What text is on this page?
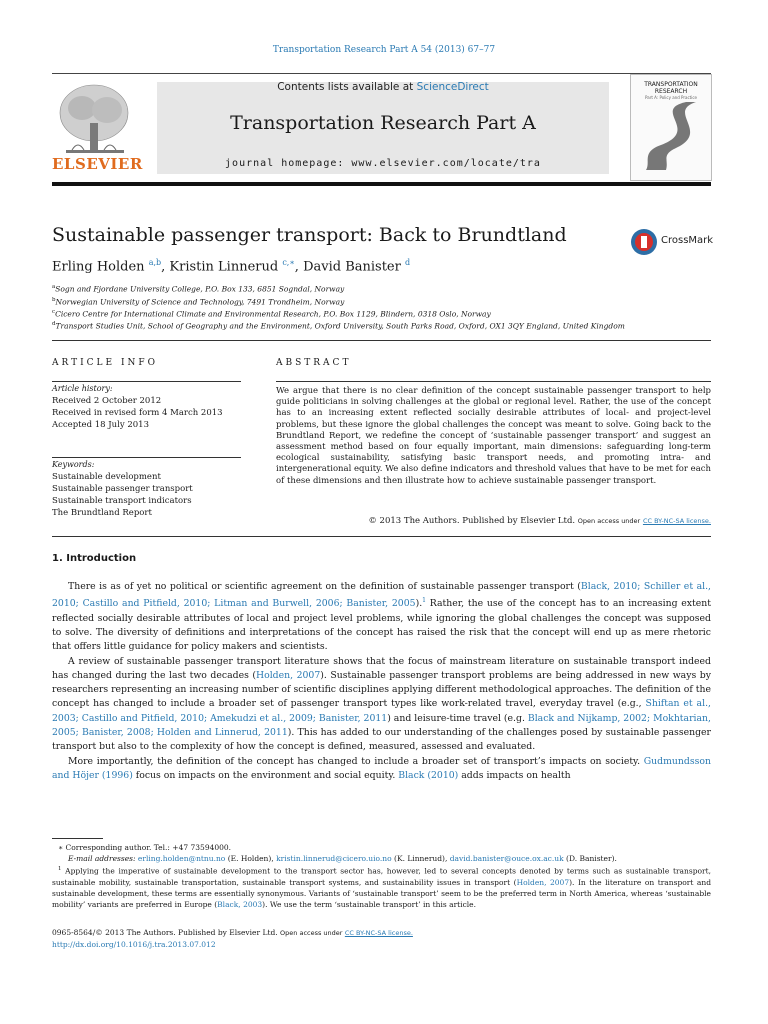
Transportation Research Part A 54 (2013) 67–77
ELSEVIER
Contents lists available at ScienceDirect
Transportation Research Part A
journal homepage: www.elsevier.com/locate/tra
TRANSPORTATION
RESEARCH
Part A: Policy and Practice
Sustainable passenger transport: Back to Brundtland	CrossMark
Erling Holden $^{a,b}$, Kristin Linnerud $^{c,∗}$, David Banister $^d$
$^a$Sogn and Fjordane University College, P.O. Box 133, 6851 Sogndal, Norway
$^b$Norwegian University of Science and Technology, 7491 Trondheim, Norway
$^c$Cicero Centre for International Climate and Environmental Research, P.O. Box 1129, Blindern, 0318 Oslo, Norway
$^d$Transport Studies Unit, School of Geography and the Environment, Oxford University, South Parks Road, Oxford, OX1 3QY England, United Kingdom
ARTICLE INFO
Article history:
Received 2 October 2012
Received in revised form 4 March 2013
Accepted 18 July 2013
Keywords:
Sustainable development
Sustainable passenger transport
Sustainable transport indicators
The Brundtland Report
ABSTRACT
We argue that there is no clear definition of the concept sustainable passenger transport to help guide politicians in solving challenges at the global or regional level. Rather, the use of the concept has to an increasing extent reflected socially desirable attributes of local- and project-level problems, but these ignore the global challenges the concept was meant to solve. Going back to the Brundtland Report, we redefine the concept of ‘sustainable passenger transport’ and suggest an assessment method based on four equally important, main dimensions: safeguarding long-term ecological sustainability, satisfying basic transport needs, and promoting intra- and intergenerational equity. We also define indicators and threshold values that have to be met for each of these dimensions and then illustrate how to achieve sustainable passenger transport.
© 2013 The Authors. Published by Elsevier Ltd. Open access under CC BY-NC-SA license.
1. Introduction

There is as of yet no political or scientific agreement on the definition of sustainable passenger transport (Black, 2010; Schiller et al., 2010; Castillo and Pitfield, 2010; Litman and Burwell, 2006; Banister, 2005).$^1$ Rather, the use of the concept has to an increasing extent reflected socially desirable attributes of local and project level problems, while ignoring the global challenges the concept was supposed to solve. The diversity of definitions and interpretations of the concept has raised the risk that the concept will end up as mere rhetoric that offers little guidance for policy makers and scientists.

A review of sustainable passenger transport literature shows that the focus of mainstream literature on sustainable transport indeed has changed during the last two decades (Holden, 2007). Sustainable passenger transport problems are being addressed in new ways by researchers representing an increasing number of scientific disciplines applying different methodological approaches. The definition of the concept has changed to include a broader set of passenger transport types like work-related travel, everyday travel (e.g., Shiftan et al., 2003; Castillo and Pitfield, 2010; Amekudzi et al., 2009; Banister, 2011) and leisure-time travel (e.g. Black and Nijkamp, 2002; Mokhtarian, 2005; Banister, 2008; Holden and Linnerud, 2011). This has added to our understanding of the challenges posed by sustainable passenger transport but also to the complexity of how the concept is defined, measured, assessed and evaluated.

More importantly, the definition of the concept has changed to include a broader set of transport’s impacts on society. Gudmundsson and Höjer (1996) focus on impacts on the environment and social equity. Black (2010) adds impacts on health

∗ Corresponding author. Tel.: +47 73594000.
E-mail addresses: erling.holden@ntnu.no (E. Holden), kristin.linnerud@cicero.uio.no (K. Linnerud), david.banister@ouce.ox.ac.uk (D. Banister).
$^1$ Applying the imperative of sustainable development to the transport sector has, however, led to several concepts denoted by terms such as sustainable transport, sustainable mobility, sustainable transportation, sustainable transport systems, and sustainability issues in transport (Holden, 2007). In the literature on transport and sustainable development, these terms are essentially synonymous. Variants of ‘sustainable transport’ seem to be the preferred term in North America, whereas ‘sustainable mobility’ variants are preferred in Europe (Black, 2003). We use the term ‘sustainable transport’ in this article.
0965-8564/© 2013 The Authors. Published by Elsevier Ltd. Open access under CC BY-NC-SA license.
http://dx.doi.org/10.1016/j.tra.2013.07.012
